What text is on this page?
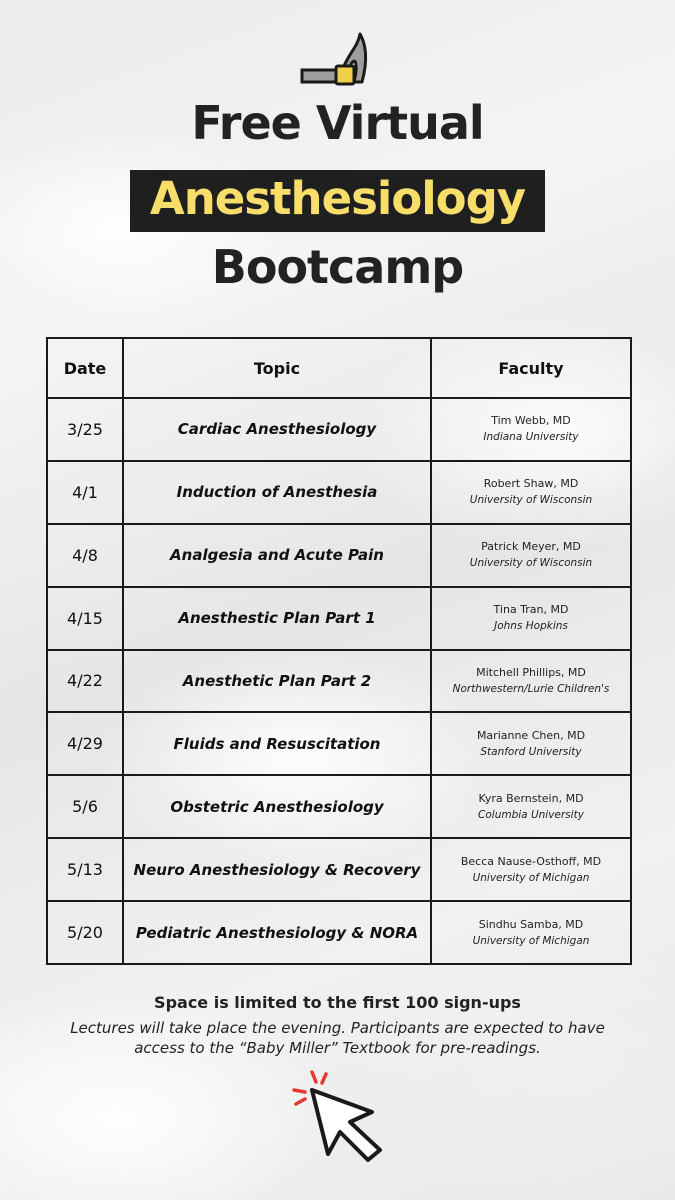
Free Virtual
Anesthesiology
Bootcamp
Date	Topic	Faculty
3/25	Cardiac Anesthesiology	Tim Webb, MD
Indiana University

4/1	Induction of Anesthesia	Robert Shaw, MD
University of Wisconsin

4/8	Analgesia and Acute Pain	Patrick Meyer, MD
University of Wisconsin

4/15	Anesthestic Plan Part 1	Tina Tran, MD
Johns Hopkins

4/22	Anesthetic Plan Part 2	Mitchell Phillips, MD
Northwestern/Lurie Children's

4/29	Fluids and Resuscitation	Marianne Chen, MD
Stanford University

5/6	Obstetric Anesthesiology	Kyra Bernstein, MD
Columbia University

5/13	Neuro Anesthesiology & Recovery	Becca Nause-Osthoff, MD
University of Michigan

5/20	Pediatric Anesthesiology & NORA	Sindhu Samba, MD
University of Michigan
Space is limited to the first 100 sign-ups
Lectures will take place the evening. Participants are expected to have access to the “Baby Miller” Textbook for pre-readings.
